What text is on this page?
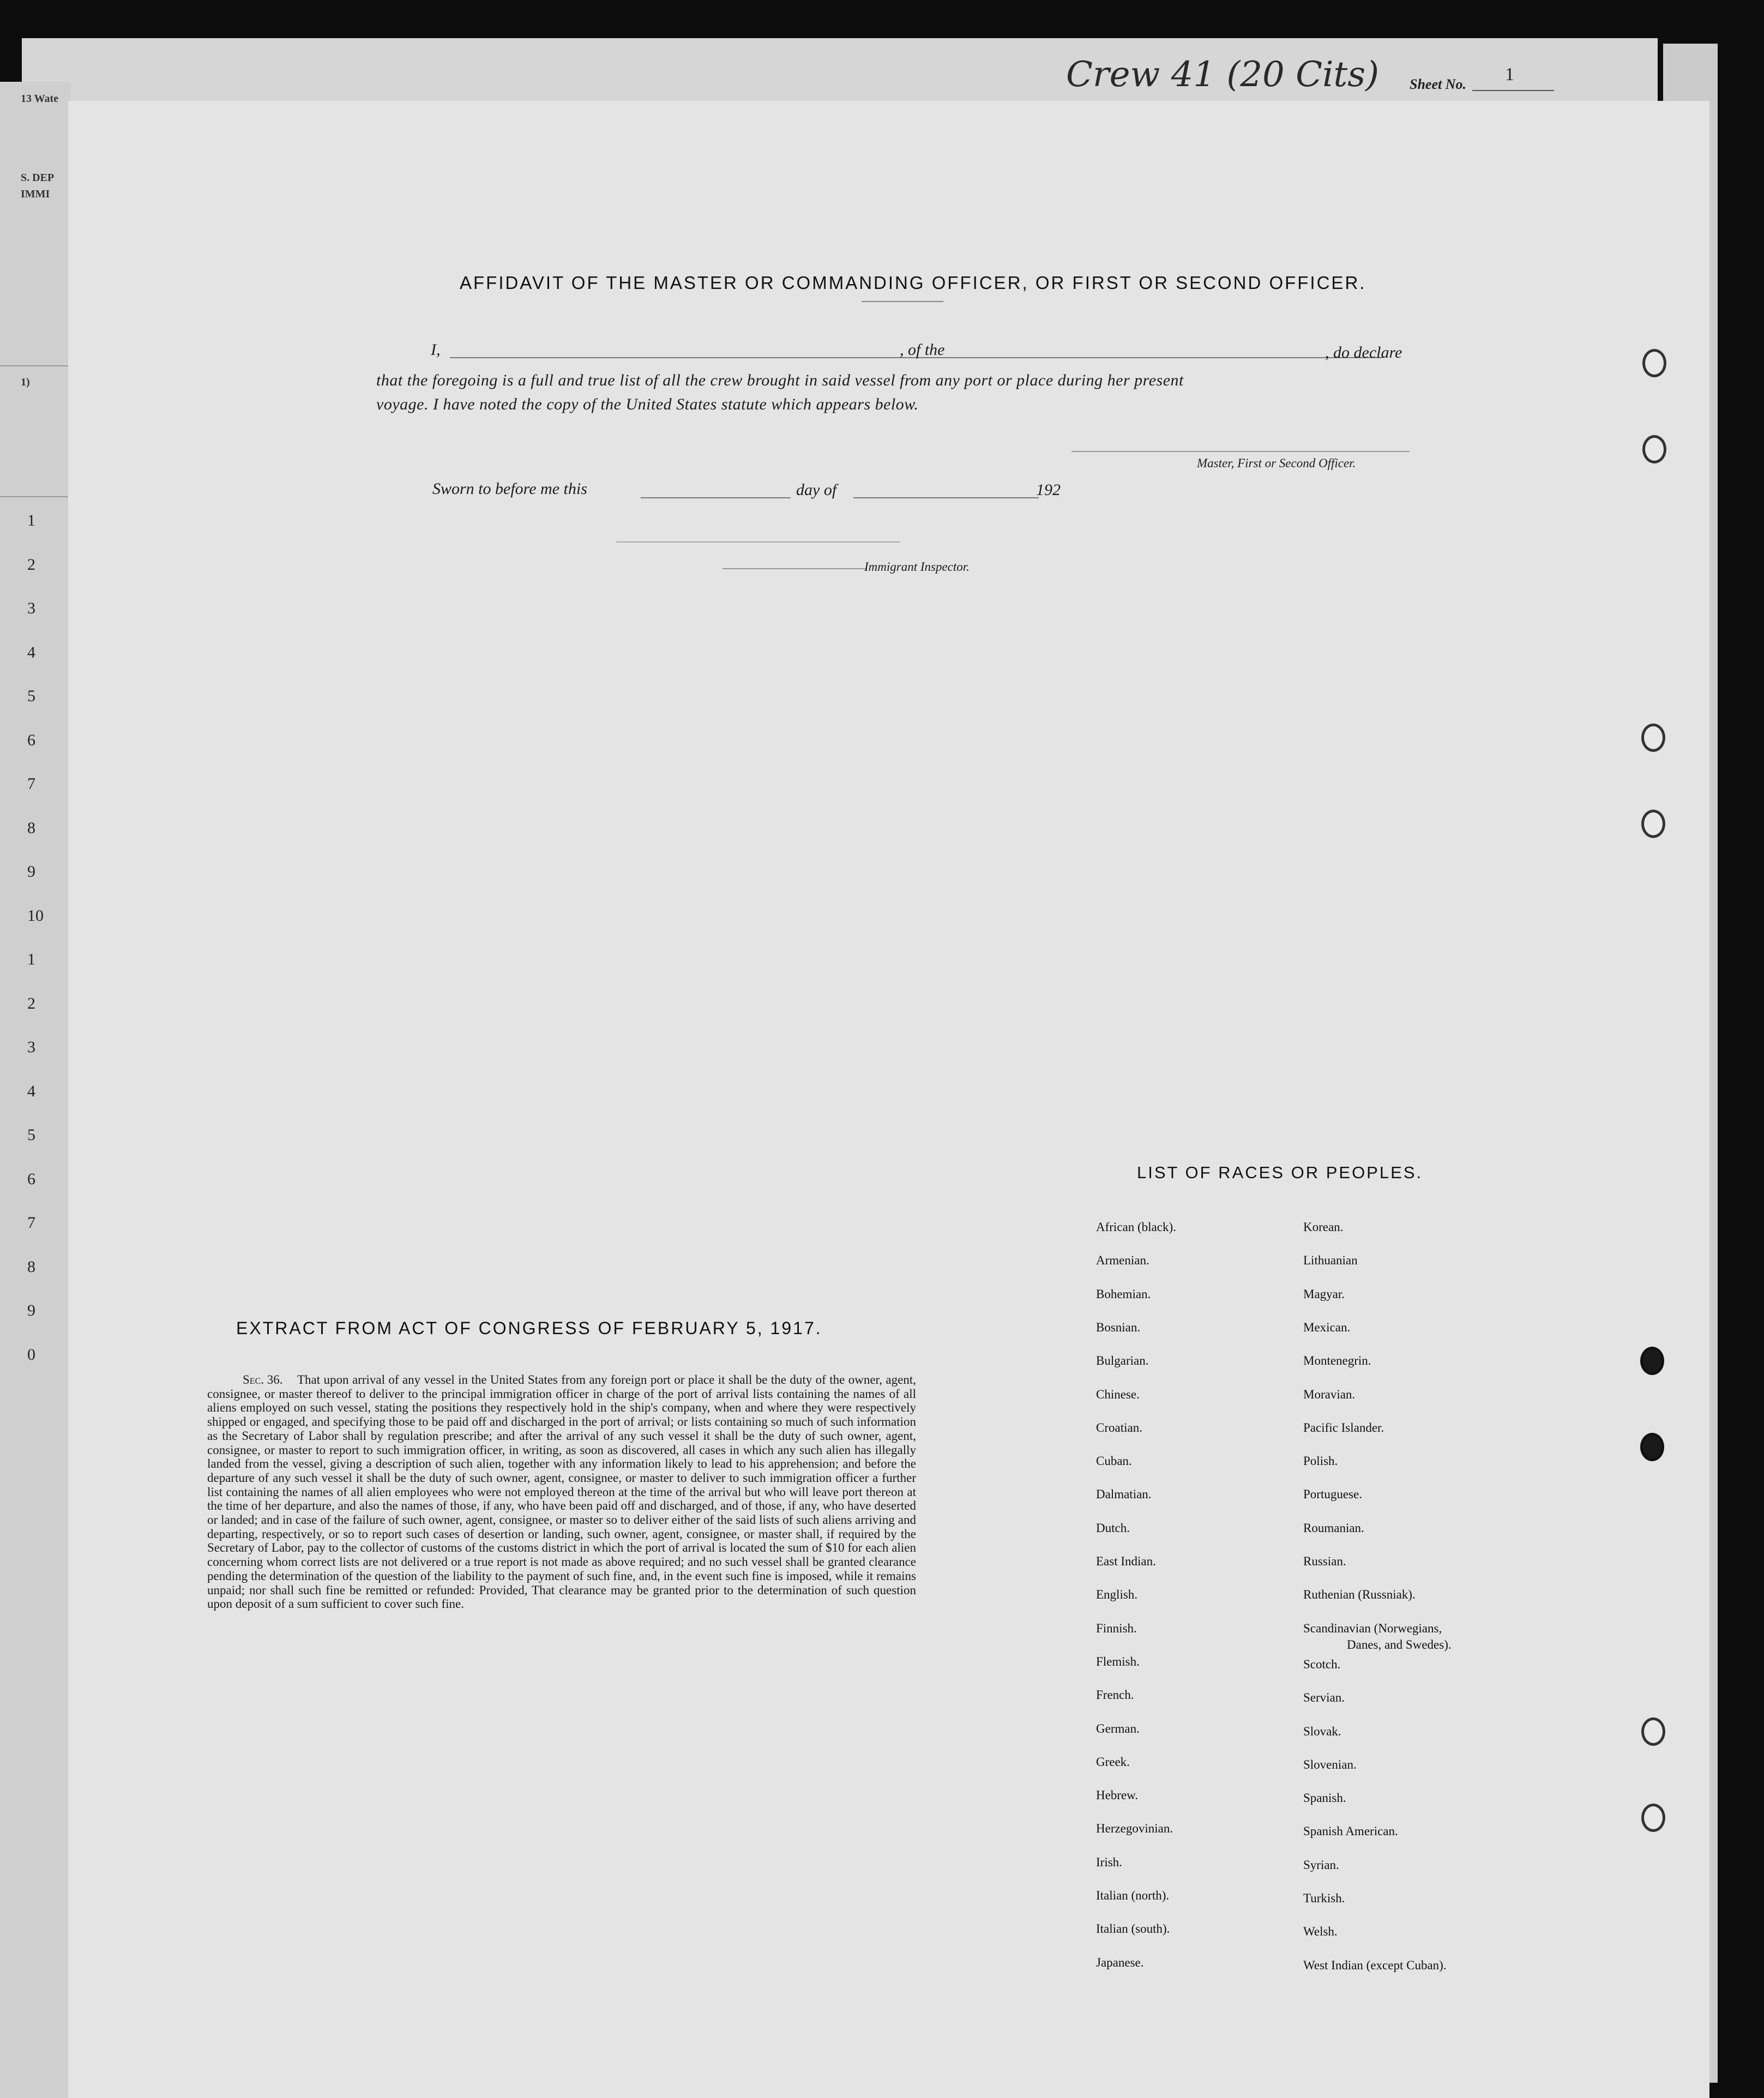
13 Wate
S. DEP
IMMI
1)
1
2
3
4
5
6
7
8
9
10
1
2
3
4
5
6
7
8
9
0
Crew 41 (20 Cits) Sheet No. 1
AFFIDAVIT OF THE MASTER OR COMMANDING OFFICER, OR FIRST OR SECOND OFFICER.
I,	, of the	, do declare
that the foregoing is a full and true list of all the crew brought in said vessel from any port or place during her present
voyage. I have noted the copy of the United States statute which appears below.
Master, First or Second Officer.
Sworn to before me this	day of	192
Immigrant Inspector.
EXTRACT FROM ACT OF CONGRESS OF FEBRUARY 5, 1917.
Sec. 36.	That upon arrival of any vessel in the United States from any foreign port or place it shall be the duty of the owner, agent, consignee, or master thereof to deliver to the principal immigration officer in charge of the port of arrival lists containing the names of all aliens employed on such vessel, stating the positions they respectively hold in the ship's company, when and where they were respectively shipped or engaged, and specifying those to be paid off and discharged in the port of arrival; or lists containing so much of such information as the Secretary of Labor shall by regulation prescribe; and after the arrival of any such vessel it shall be the duty of such owner, agent, consignee, or master to report to such immigration officer, in writing, as soon as discovered, all cases in which any such alien has illegally landed from the vessel, giving a description of such alien, together with any information likely to lead to his apprehension; and before the departure of any such vessel it shall be the duty of such owner, agent, consignee, or master to deliver to such immigration officer a further list containing the names of all alien employees who were not employed thereon at the time of the arrival but who will leave port thereon at the time of her departure, and also the names of those, if any, who have been paid off and discharged, and of those, if any, who have deserted or landed; and in case of the failure of such owner, agent, consignee, or master so to deliver either of the said lists of such aliens arriving and departing, respectively, or so to report such cases of desertion or landing, such owner, agent, consignee, or master shall, if required by the Secretary of Labor, pay to the collector of customs of the customs district in which the port of arrival is located the sum of $10 for each alien concerning whom correct lists are not delivered or a true report is not made as above required; and no such vessel shall be granted clearance pending the determination of the question of the liability to the payment of such fine, and, in the event such fine is imposed, while it remains unpaid; nor shall such fine be remitted or refunded: Provided, That clearance may be granted prior to the determination of such question upon deposit of a sum sufficient to cover such fine.
LIST OF RACES OR PEOPLES.
African (black).
Armenian.
Bohemian.
Bosnian.
Bulgarian.
Chinese.
Croatian.
Cuban.
Dalmatian.
Dutch.
East Indian.
English.
Finnish.
Flemish.
French.
German.
Greek.
Hebrew.
Herzegovinian.
Irish.
Italian (north).
Italian (south).
Japanese.
Korean.
Lithuanian
Magyar.
Mexican.
Montenegrin.
Moravian.
Pacific Islander.
Polish.
Portuguese.
Roumanian.
Russian.
Ruthenian (Russniak).
Scandinavian (Norwegians,
Danes, and Swedes).
Scotch.
Servian.
Slovak.
Slovenian.
Spanish.
Spanish American.
Syrian.
Turkish.
Welsh.
West Indian (except Cuban).
